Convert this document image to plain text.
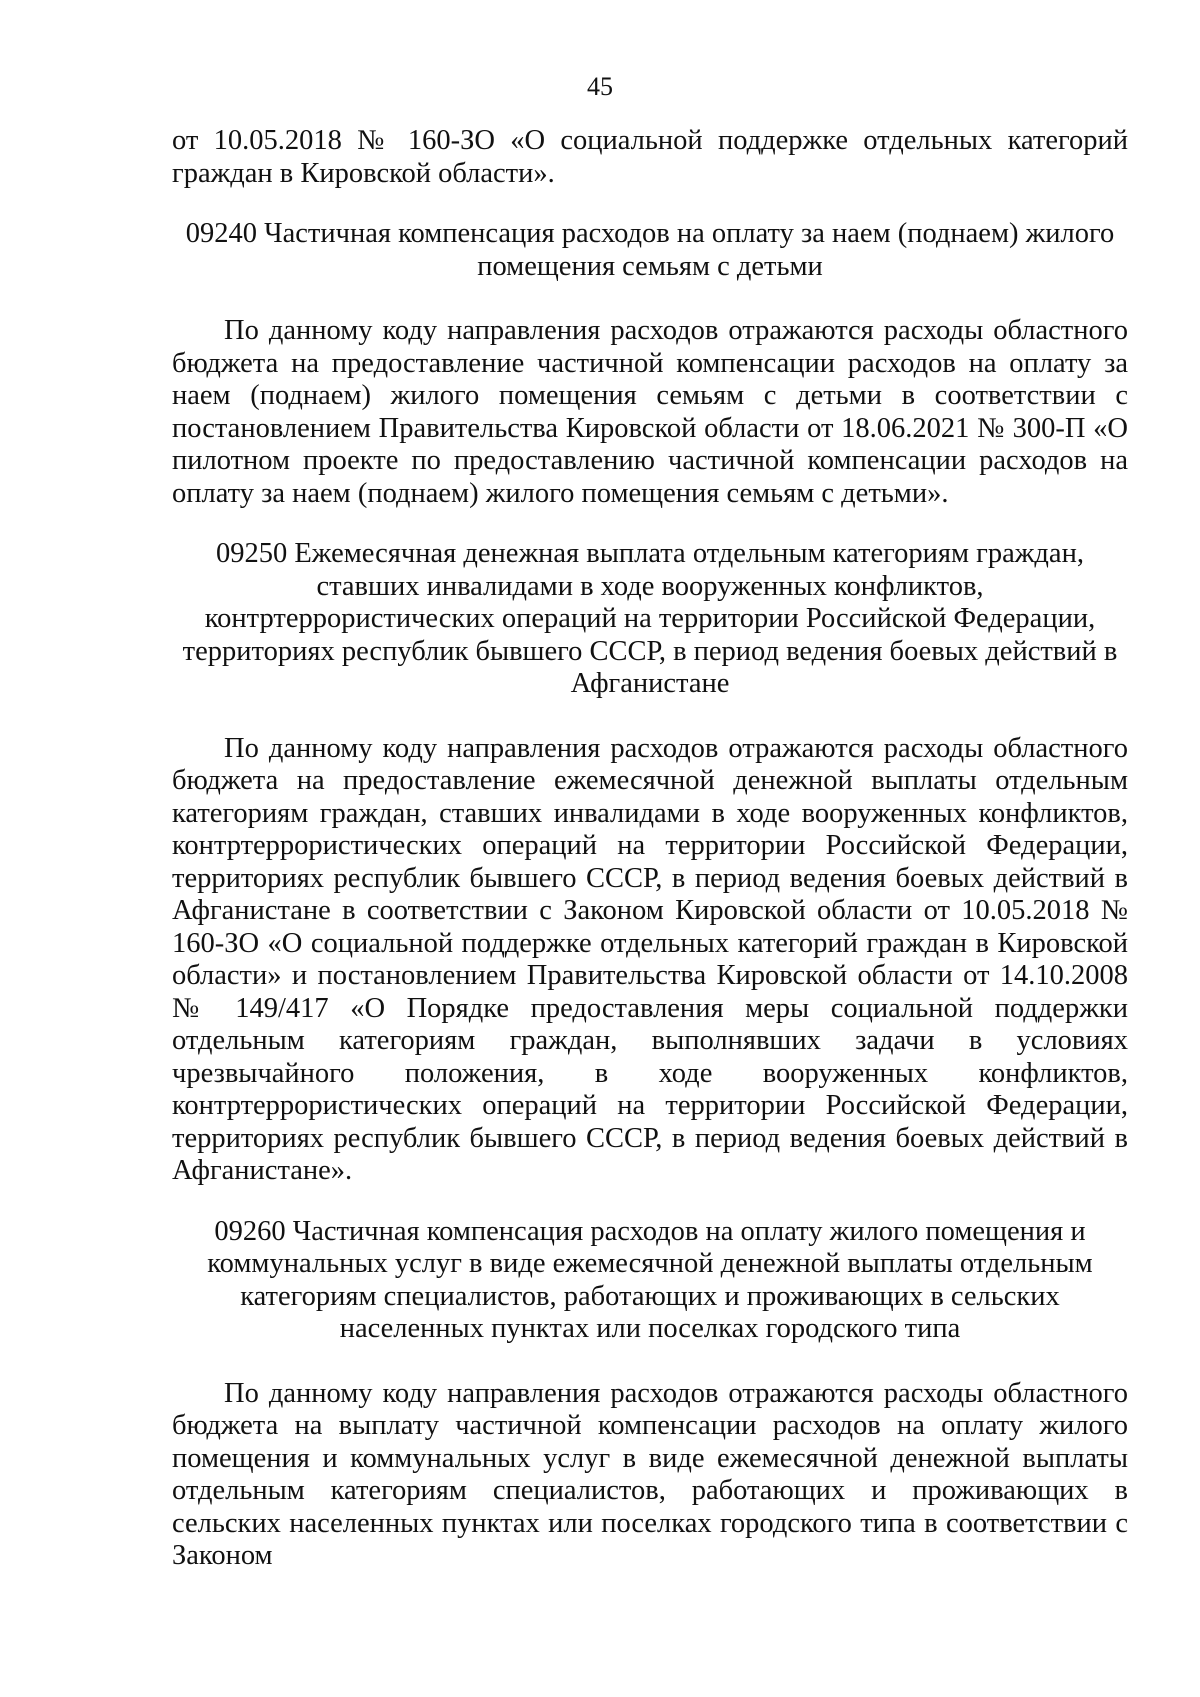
45

от 10.05.2018 № 160-ЗО «О социальной поддержке отдельных категорий граждан в Кировской области».

09240 Частичная компенсация расходов на оплату за наем (поднаем) жилого помещения семьям с детьми

По данному коду направления расходов отражаются расходы областного бюджета на предоставление частичной компенсации расходов на оплату за наем (поднаем) жилого помещения семьям с детьми в соответствии с постановлением Правительства Кировской области от 18.06.2021 № 300-П «О пилотном проекте по предоставлению частичной компенсации расходов на оплату за наем (поднаем) жилого помещения семьям с детьми».

09250 Ежемесячная денежная выплата отдельным категориям граждан, ставших инвалидами в ходе вооруженных конфликтов, контртеррористических операций на территории Российской Федерации, территориях республик бывшего СССР, в период ведения боевых действий в Афганистане

По данному коду направления расходов отражаются расходы областного бюджета на предоставление ежемесячной денежной выплаты отдельным категориям граждан, ставших инвалидами в ходе вооруженных конфликтов, контртеррористических операций на территории Российской Федерации, территориях республик бывшего СССР, в период ведения боевых действий в Афганистане в соответствии с Законом Кировской области от 10.05.2018 № 160-ЗО «О социальной поддержке отдельных категорий граждан в Кировской области» и постановлением Правительства Кировской области от 14.10.2008 № 149/417 «О Порядке предоставления меры социальной поддержки отдельным категориям граждан, выполнявших задачи в условиях чрезвычайного положения, в ходе вооруженных конфликтов, контртеррористических операций на территории Российской Федерации, территориях республик бывшего СССР, в период ведения боевых действий в Афганистане».

09260 Частичная компенсация расходов на оплату жилого помещения и коммунальных услуг в виде ежемесячной денежной выплаты отдельным категориям специалистов, работающих и проживающих в сельских населенных пунктах или поселках городского типа

По данному коду направления расходов отражаются расходы областного бюджета на выплату частичной компенсации расходов на оплату жилого помещения и коммунальных услуг в виде ежемесячной денежной выплаты отдельным категориям специалистов, работающих и проживающих в сельских населенных пунктах или поселках городского типа в соответствии с Законом
